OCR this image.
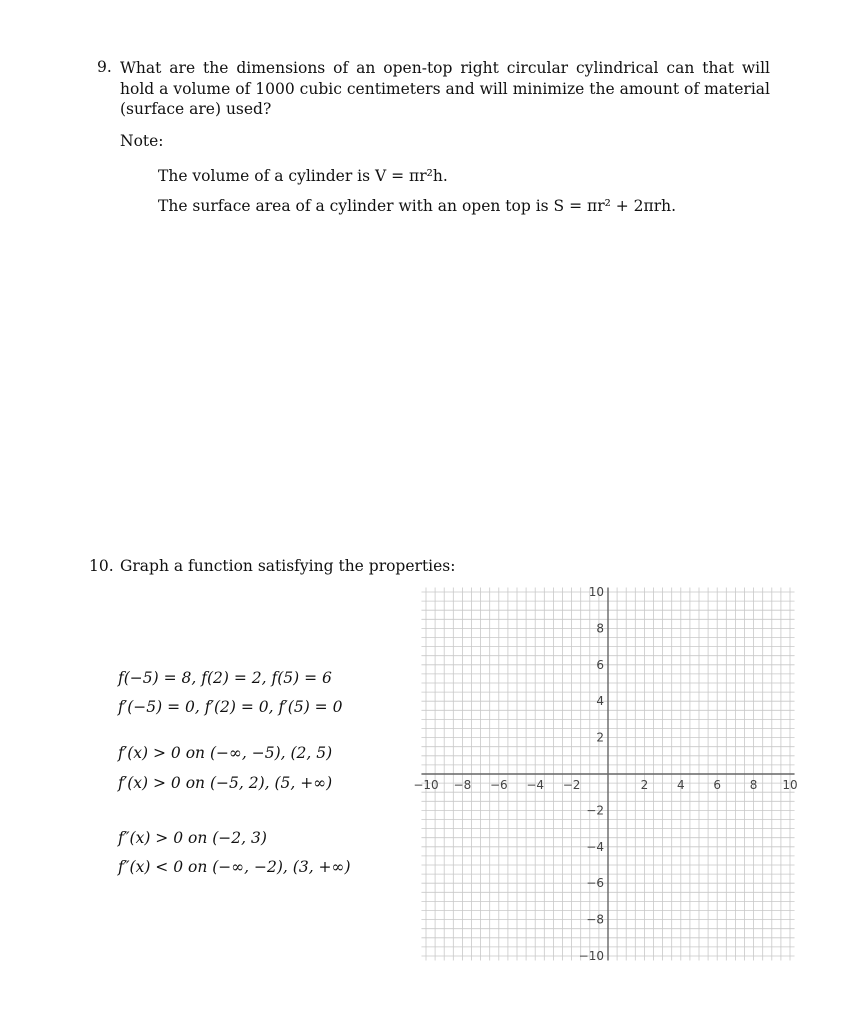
9. What are the dimensions of an open-top right circular cylindrical can that will hold a volume of 1000 cubic centimeters and will minimize the amount of material (surface are) used?
Note:
The volume of a cylinder is V = πr²h.
The surface area of a cylinder with an open top is S = πr² + 2πrh.
10. Graph a function satisfying the properties:
f(−5) = 8, f(2) = 2, f(5) = 6
f′(−5) = 0, f′(2) = 0, f′(5) = 0
f′(x) > 0 on (−∞, −5), (2, 5)
f′(x) > 0 on (−5, 2), (5, +∞)
f″(x) > 0 on (−2, 3)
f″(x) < 0 on (−∞, −2), (3, +∞)
−10 −8 −6 −4 −2	2 4 6 8 10
10
8
6
4
2
−2
−4
−6
−8
−10
